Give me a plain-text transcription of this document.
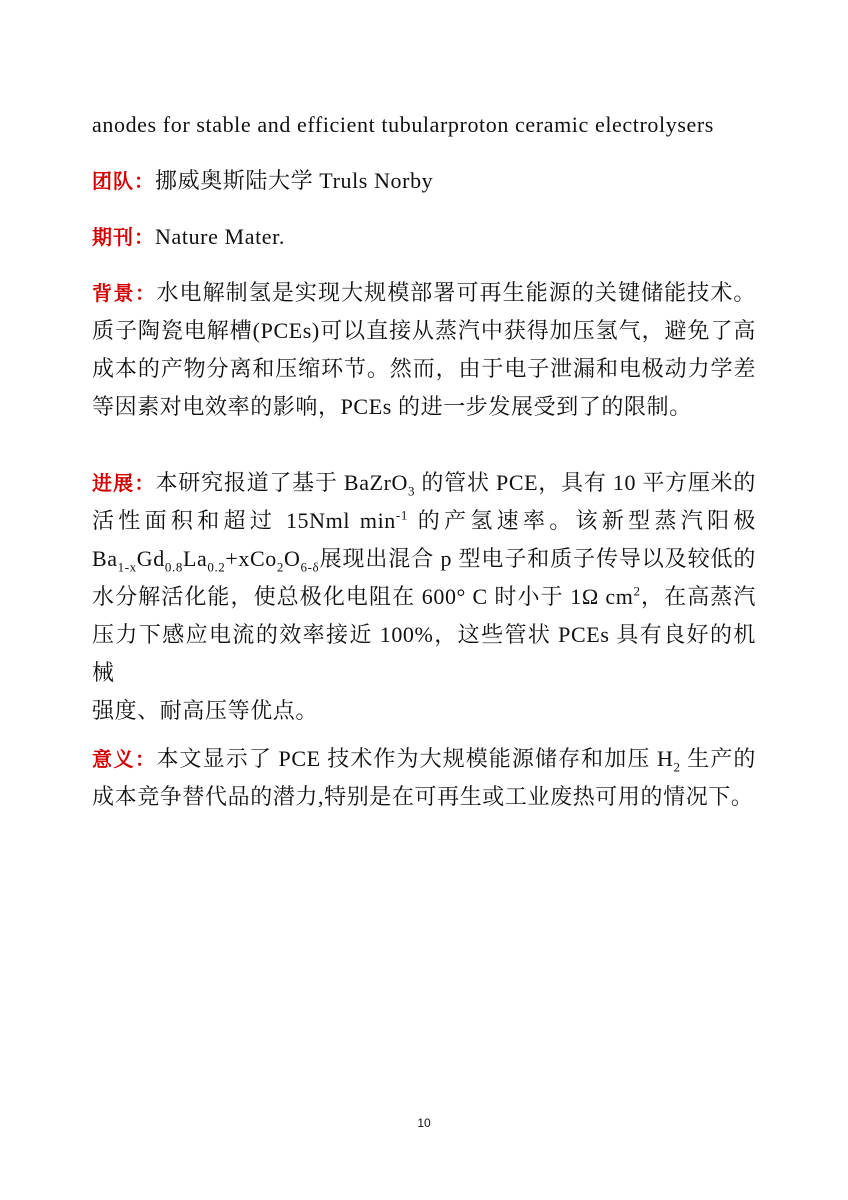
anodes for stable and efficient tubularproton ceramic electrolysers
团队：挪威奥斯陆大学 Truls Norby
期刊：Nature Mater.
背景：水电解制氢是实现大规模部署可再生能源的关键储能技术。
质子陶瓷电解槽(PCEs)可以直接从蒸汽中获得加压氢气，避免了高
成本的产物分离和压缩环节。然而，由于电子泄漏和电极动力学差
等因素对电效率的影响，PCEs 的进一步发展受到了的限制。
进展：本研究报道了基于 BaZrO$_3$ 的管状 PCE，具有 10 平方厘米的
活性面积和超过 15Nml $\min^{-1}$ 的产氢速率。该新型蒸汽阳极
$Ba_{1-x}Gd_{0.8}La_{0.2}+xCo_2O_{6-\delta}$展现出混合 p 型电子和质子传导以及较低的
水分解活化能，使总极化电阻在 600° C 时小于 1Ω $cm^2$，在高蒸汽
压力下感应电流的效率接近 100%，这些管状 PCEs 具有良好的机械
强度、耐高压等优点。
意义：本文显示了 PCE 技术作为大规模能源储存和加压 $H_2$ 生产的
成本竞争替代品的潜力,特别是在可再生或工业废热可用的情况下。
10
